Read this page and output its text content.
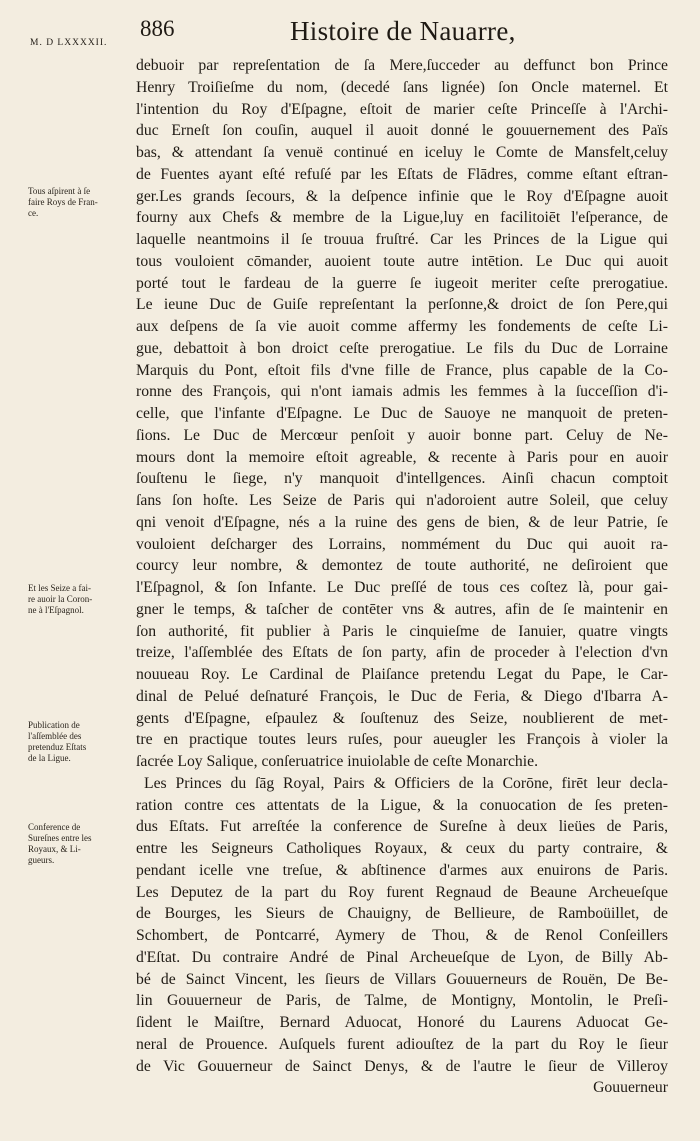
M. D LXXXXII.
886	Histoire de Nauarre,
Tous aſpirent à ſe
faire Roys de Fran-
ce.
Et les Seize a fai-
re auoir la Coron-
ne à l'Eſpagnol.
Publication de
l'aſſemblée des
pretenduz Eſtats
de la Ligue.
Conference de
Sureſnes entre les
Royaux, & Li-
gueurs.
debuoir par repreſentation de ſa Mere,ſucceder au deffunct bon Prince
Henry Troiſieſme du nom, (decedé ſans lignée) ſon Oncle maternel. Et
l'intention du Roy d'Eſpagne, eſtoit de marier ceſte Princeſſe à l'Archi-
duc Erneſt ſon couſin, auquel il auoit donné le gouuernement des Païs
bas, & attendant ſa venuë continué en iceluy le Comte de Mansfelt,celuy
de Fuentes ayant eſté refuſé par les Eſtats de Flādres, comme eſtant eſtran-
ger.Les grands ſecours, & la deſpence infinie que le Roy d'Eſpagne auoit
fourny aux Chefs & membre de la Ligue,luy en facilitoiēt l'eſperance, de
laquelle neantmoins il ſe trouua fruſtré. Car les Princes de la Ligue qui
tous vouloient cōmander, auoient toute autre intētion. Le Duc qui auoit
porté tout le fardeau de la guerre ſe iugeoit meriter ceſte prerogatiue.
Le ieune Duc de Guiſe repreſentant la perſonne,& droict de ſon Pere,qui
aux deſpens de ſa vie auoit comme affermy les fondements de ceſte Li-
gue, debattoit à bon droict ceſte prerogatiue. Le fils du Duc de Lorraine
Marquis du Pont, eſtoit fils d'vne fille de France, plus capable de la Co-
ronne des François, qui n'ont iamais admis les femmes à la ſucceſſion d'i-
celle, que l'infante d'Eſpagne. Le Duc de Sauoye ne manquoit de preten-
ſions. Le Duc de Mercœur penſoit y auoir bonne part. Celuy de Ne-
mours dont la memoire eſtoit agreable, & recente à Paris pour en auoir
ſouſtenu le ſiege, n'y manquoit d'intellgences. Ainſi chacun comptoit
ſans ſon hoſte. Les Seize de Paris qui n'adoroient autre Soleil, que celuy
qni venoit d'Eſpagne, nés a la ruine des gens de bien, & de leur Patrie, ſe
vouloient deſcharger des Lorrains, nommément du Duc qui auoit ra-
courcy leur nombre, & demontez de toute authorité, ne deſiroient que
l'Eſpagnol, & ſon Infante. Le Duc preſſé de tous ces coſtez là, pour gai-
gner le temps, & taſcher de contēter vns & autres, afin de ſe maintenir en
ſon authorité, fit publier à Paris le cinquieſme de Ianuier, quatre vingts
treize, l'aſſemblée des Eſtats de ſon party, afin de proceder à l'election d'vn
nouueau Roy. Le Cardinal de Plaiſance pretendu Legat du Pape, le Car-
dinal de Pelué deſnaturé François, le Duc de Feria, & Diego d'Ibarra A-
gents d'Eſpagne, eſpaulez & ſouſtenuz des Seize, noublierent de met-
tre en practique toutes leurs ruſes, pour aueugler les François à violer la
ſacrée Loy Salique, conſeruatrice inuiolable de ceſte Monarchie.
Les Princes du ſāg Royal, Pairs & Officiers de la Corōne, firēt leur decla-
ration contre ces attentats de la Ligue, & la conuocation de ſes preten-
dus Eſtats. Fut arreſtée la conference de Sureſne à deux lieües de Paris,
entre les Seigneurs Catholiques Royaux, & ceux du party contraire, &
pendant icelle vne treſue, & abſtinence d'armes aux enuirons de Paris.
Les Deputez de la part du Roy furent Regnaud de Beaune Archeueſque
de Bourges, les Sieurs de Chauigny, de Bellieure, de Ramboüillet, de
Schombert, de Pontcarré, Aymery de Thou, & de Renol Conſeillers
d'Eſtat. Du contraire André de Pinal Archeueſque de Lyon, de Billy Ab-
bé de Sainct Vincent, les ſieurs de Villars Gouuerneurs de Rouën, De Be-
lin Gouuerneur de Paris, de Talme, de Montigny, Montolin, le Preſi-
ſident le Maiſtre, Bernard Aduocat, Honoré du Laurens Aduocat Ge-
neral de Prouence. Auſquels furent adiouſtez de la part du Roy le ſieur
de Vic Gouuerneur de Sainct Denys, & de l'autre le ſieur de Villeroy
Gouuerneur
